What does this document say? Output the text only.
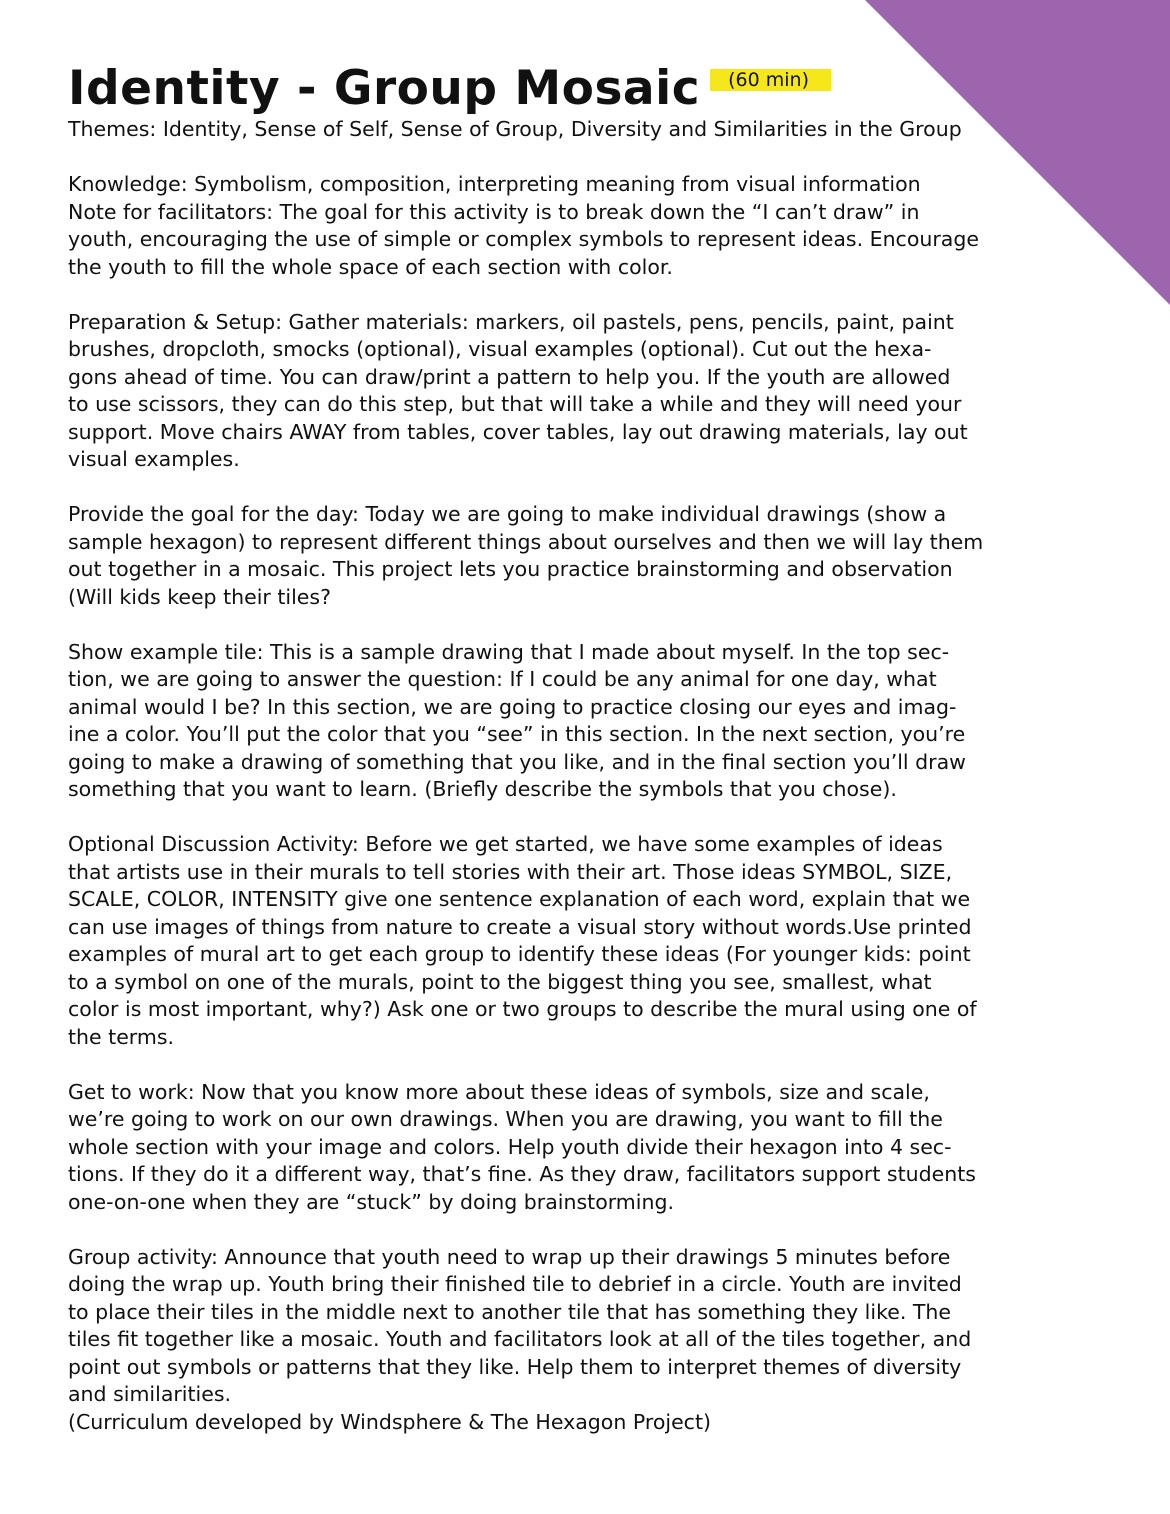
Identity - Group Mosaic	(60 min)

Themes: Identity, Sense of Self, Sense of Group, Diversity and Similarities in the Group

Knowledge: Symbolism, composition, interpreting meaning from visual information
Note for facilitators: The goal for this activity is to break down the “I can’t draw” in
youth, encouraging the use of simple or complex symbols to represent ideas. Encourage
the youth to fill the whole space of each section with color.

Preparation & Setup: Gather materials: markers, oil pastels, pens, pencils, paint, paint
brushes, dropcloth, smocks (optional), visual examples (optional). Cut out the hexa-
gons ahead of time. You can draw/print a pattern to help you. If the youth are allowed
to use scissors, they can do this step, but that will take a while and they will need your
support. Move chairs AWAY from tables, cover tables, lay out drawing materials, lay out
visual examples.

Provide the goal for the day: Today we are going to make individual drawings (show a
sample hexagon) to represent different things about ourselves and then we will lay them
out together in a mosaic. This project lets you practice brainstorming and observation
(Will kids keep their tiles?

Show example tile: This is a sample drawing that I made about myself. In the top sec-
tion, we are going to answer the question: If I could be any animal for one day, what
animal would I be? In this section, we are going to practice closing our eyes and imag-
ine a color. You’ll put the color that you “see” in this section. In the next section, you’re
going to make a drawing of something that you like, and in the final section you’ll draw
something that you want to learn. (Briefly describe the symbols that you chose).

Optional Discussion Activity: Before we get started, we have some examples of ideas
that artists use in their murals to tell stories with their art. Those ideas SYMBOL, SIZE,
SCALE, COLOR, INTENSITY give one sentence explanation of each word, explain that we
can use images of things from nature to create a visual story without words.Use printed
examples of mural art to get each group to identify these ideas (For younger kids: point
to a symbol on one of the murals, point to the biggest thing you see, smallest, what
color is most important, why?) Ask one or two groups to describe the mural using one of
the terms.

Get to work: Now that you know more about these ideas of symbols, size and scale,
we’re going to work on our own drawings. When you are drawing, you want to fill the
whole section with your image and colors. Help youth divide their hexagon into 4 sec-
tions. If they do it a different way, that’s fine. As they draw, facilitators support students
one-on-one when they are “stuck” by doing brainstorming.

Group activity: Announce that youth need to wrap up their drawings 5 minutes before
doing the wrap up. Youth bring their finished tile to debrief in a circle. Youth are invited
to place their tiles in the middle next to another tile that has something they like. The
tiles fit together like a mosaic. Youth and facilitators look at all of the tiles together, and
point out symbols or patterns that they like. Help them to interpret themes of diversity
and similarities.

(Curriculum developed by Windsphere & The Hexagon Project)
